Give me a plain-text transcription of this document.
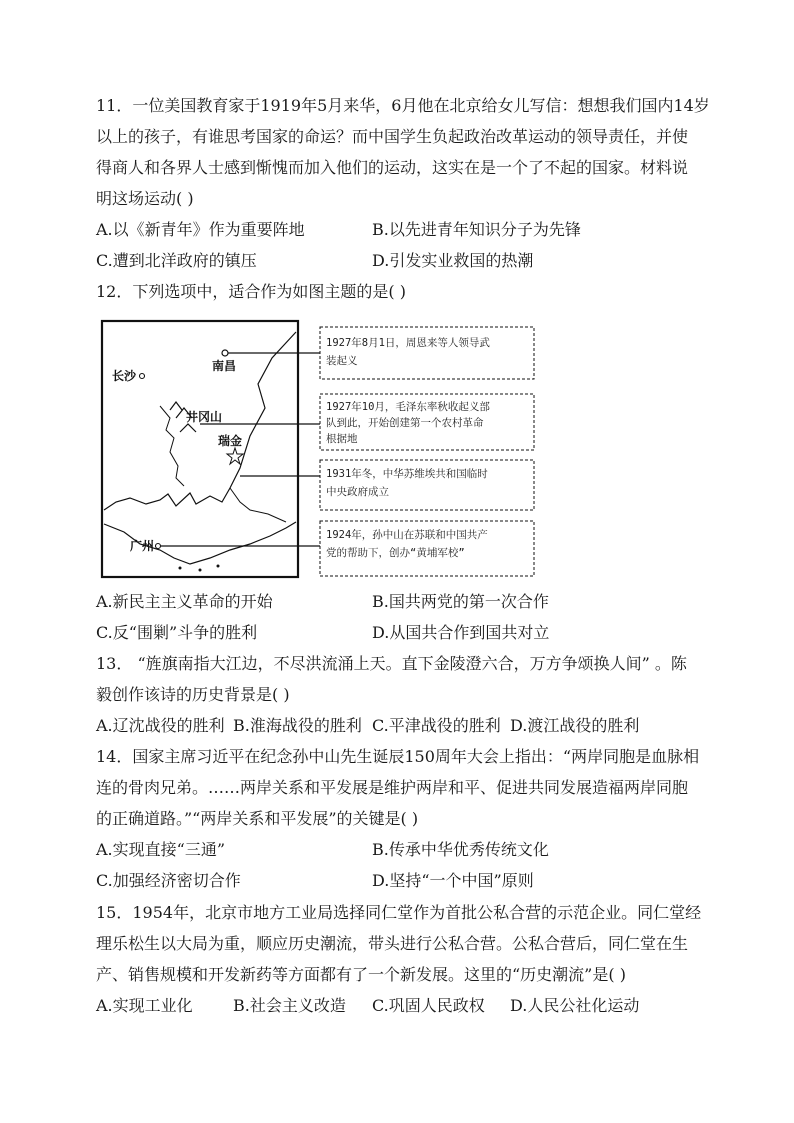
11．一位美国教育家于1919年5月来华，6月他在北京给女儿写信：想想我们国内14岁
以上的孩子，有谁思考国家的命运？而中国学生负起政治改革运动的领导责任，并使
得商人和各界人士感到惭愧而加入他们的运动，这实在是一个了不起的国家。材料说
明这场运动( )
A.以《新青年》作为重要阵地	B.以先进青年知识分子为先锋
C.遭到北洋政府的镇压	D.引发实业救国的热潮
12．下列选项中，适合作为如图主题的是( )
南昌
长沙
井冈山
瑞金
广州
1927年8月1日，周恩来等人领导武
装起义
1927年10月，毛泽东率秋收起义部
队到此，开始创建第一个农村革命
根据地
1931年冬，中华苏维埃共和国临时
中央政府成立
1924年，孙中山在苏联和中国共产
党的帮助下，创办“黄埔军校”
A.新民主主义革命的开始	B.国共两党的第一次合作
C.反“围剿”斗争的胜利	D.从国共合作到国共对立
13． “旌旗南指大江边，不尽洪流涌上天。直下金陵澄六合，万方争颂换人间” 。陈
毅创作该诗的历史背景是( )
A.辽沈战役的胜利 B.淮海战役的胜利 C.平津战役的胜利 D.渡江战役的胜利
14．国家主席习近平在纪念孙中山先生诞辰150周年大会上指出：“两岸同胞是血脉相
连的骨肉兄弟。……两岸关系和平发展是维护两岸和平、促进共同发展造福两岸同胞
的正确道路。”“两岸关系和平发展”的关键是( )
A.实现直接“三通”	B.传承中华优秀传统文化
C.加强经济密切合作	D.坚持“一个中国”原则
15．1954年，北京市地方工业局选择同仁堂作为首批公私合营的示范企业。同仁堂经
理乐松生以大局为重，顺应历史潮流，带头进行公私合营。公私合营后，同仁堂在生
产、销售规模和开发新药等方面都有了一个新发展。这里的“历史潮流”是( )
A.实现工业化	B.社会主义改造 C.巩固人民政权 D.人民公社化运动
